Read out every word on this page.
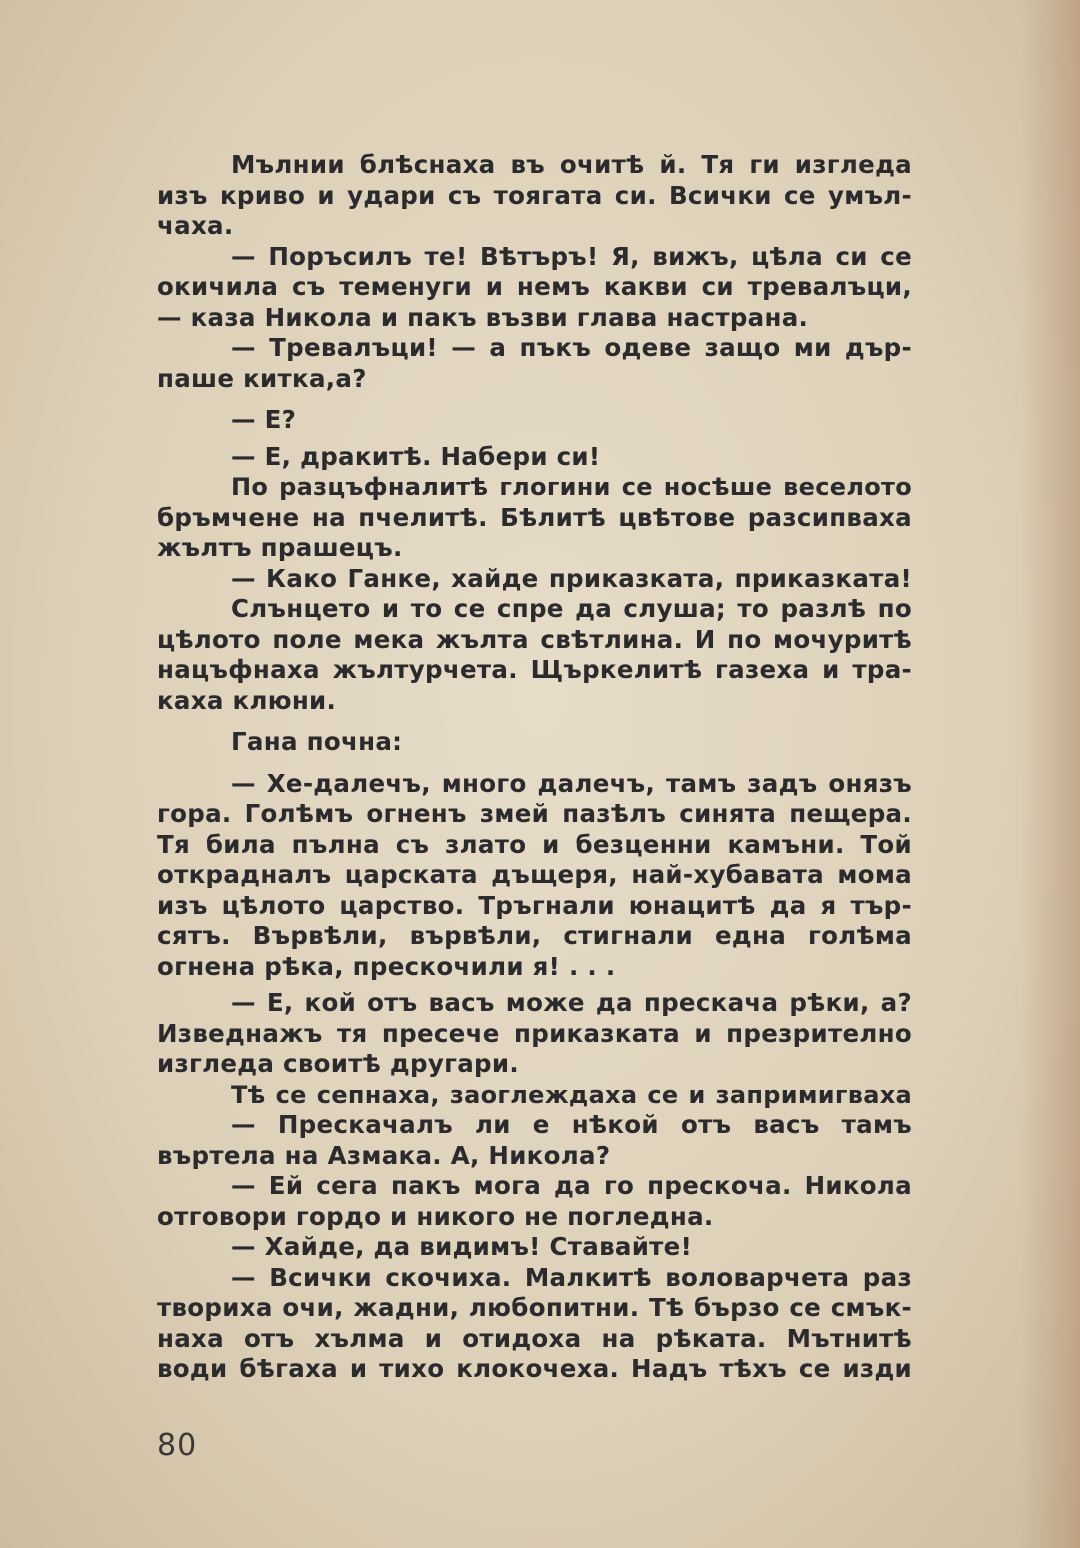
Мълнии блѣснаха въ очитѣ й. Тя ги изгледа
изъ криво и удари съ тоягата си. Всички се умъл-
чаха.
— Поръсилъ те! Вѣтъръ! Я, вижъ, цѣла си се
окичила съ теменуги и немъ какви си тревалъци,
— каза Никола и пакъ възви глава настрана.
— Тревалъци! — а пъкъ одеве защо ми дър-
паше китка,а?
— Е?
— Е, дракитѣ. Набери си!
По разцъфналитѣ глогини се носѣше веселото
бръмчене на пчелитѣ. Бѣлитѣ цвѣтове разсипваха
жълтъ прашецъ.
— Како Ганке, хайде приказката, приказката!
Слънцето и то се спре да слуша; то разлѣ по
цѣлото поле мека жълта свѣтлина. И по мочуритѣ
нацъфнаха жълтурчета. Щъркелитѣ газеха и тра-
каха клюни.
Гана почна:
— Хе-далечъ, много далечъ, тамъ задъ онязъ
гора. Голѣмъ огненъ змей пазѣлъ синята пещера.
Тя била пълна съ злато и безценни камъни. Той
открадналъ царската дъщеря, най-хубавата мома
изъ цѣлото царство. Тръгнали юнацитѣ да я тър-
сятъ. Вървѣли, вървѣли, стигнали една голѣма
огнена рѣка, прескочили я! . . .
— Е, кой отъ васъ може да прескача рѣки, а?
Изведнажъ тя пресече приказката и презрително
изгледа своитѣ другари.
Тѣ се сепнаха, заоглеждаха се и запримигваха
— Прескачалъ ли е нѣкой отъ васъ тамъ
въртела на Азмака. А, Никола?
— Ей сега пакъ мога да го прескоча. Никола
отговори гордо и никого не погледна.
— Хайде, да видимъ! Ставайте!
— Всички скочиха. Малкитѣ воловарчета раз
твориха очи, жадни, любопитни. Тѣ бързо се смък-
наха отъ хълма и отидоха на рѣката. Мътнитѣ
води бѣгаха и тихо клокочеха. Надъ тѣхъ се изди
80
